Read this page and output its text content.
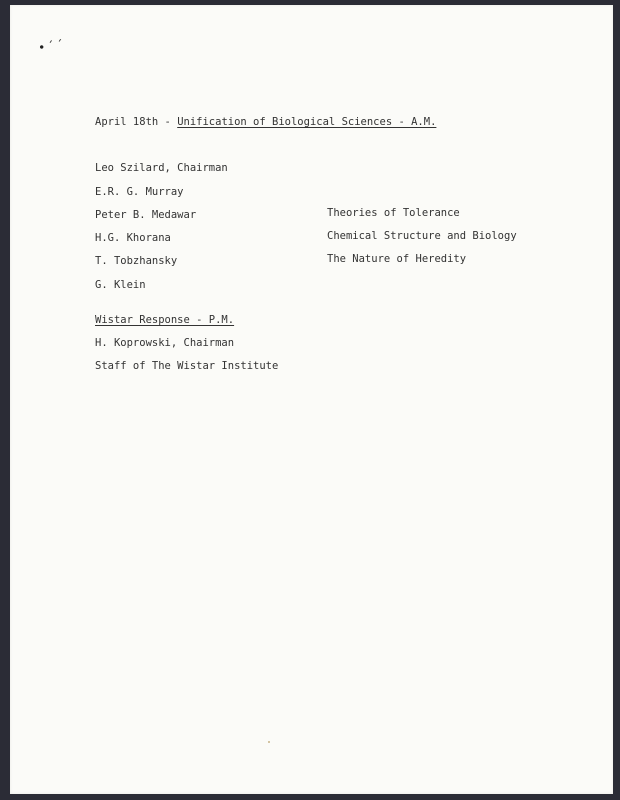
•´´
April 18th - Unification of Biological Sciences - A.M.
Leo Szilard, Chairman
E.R. G. Murray
Peter B. Medawar	Theories of Tolerance
H.G. Khorana	Chemical Structure and Biology
T. Tobzhansky	The Nature of Heredity
G. Klein
Wistar Response - P.M.
H. Koprowski, Chairman
Staff of The Wistar Institute
